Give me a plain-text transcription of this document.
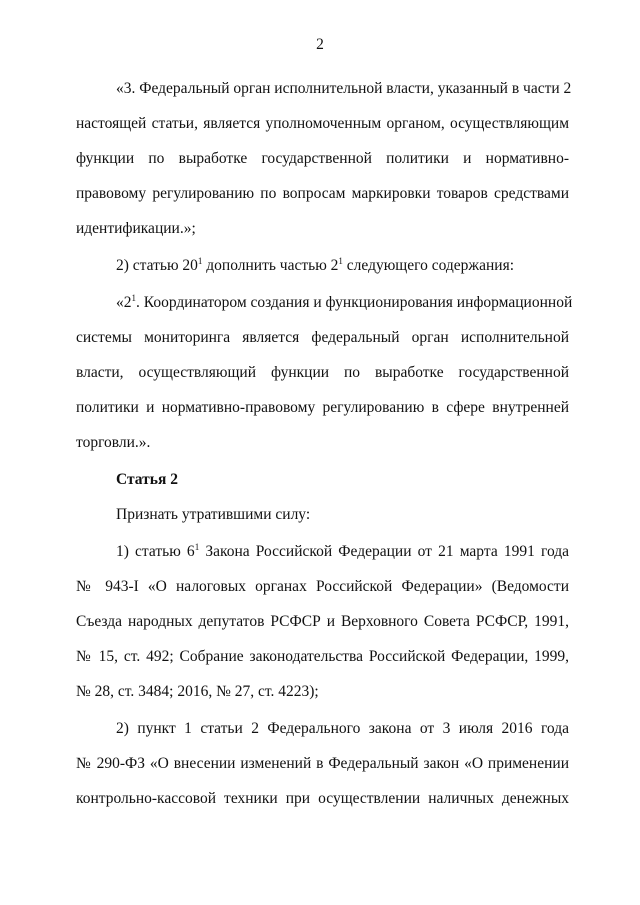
2
«3. Федеральный орган исполнительной власти, указанный в части 2
настоящей статьи, является уполномоченным органом, осуществляющим
функции по выработке государственной политики и нормативно-
правовому регулированию по вопросам маркировки товаров средствами
идентификации.»;
2) статью $20^1$ дополнить частью $2^1$ следующего содержания:
«$2^1$. Координатором создания и функционирования информационной
системы мониторинга является федеральный орган исполнительной
власти, осуществляющий функции по выработке государственной
политики и нормативно-правовому регулированию в сфере внутренней
торговли.».
Статья 2
Признать утратившими силу:
1) статью $6^1$ Закона Российской Федерации от 21 марта 1991 года
№ 943-I «О налоговых органах Российской Федерации» (Ведомости
Съезда народных депутатов РСФСР и Верховного Совета РСФСР, 1991,
№ 15, ст. 492; Собрание законодательства Российской Федерации, 1999,
№ 28, ст. 3484; 2016, № 27, ст. 4223);
2) пункт 1 статьи 2 Федерального закона от 3 июля 2016 года
№ 290-ФЗ «О внесении изменений в Федеральный закон «О применении
контрольно-кассовой техники при осуществлении наличных денежных
